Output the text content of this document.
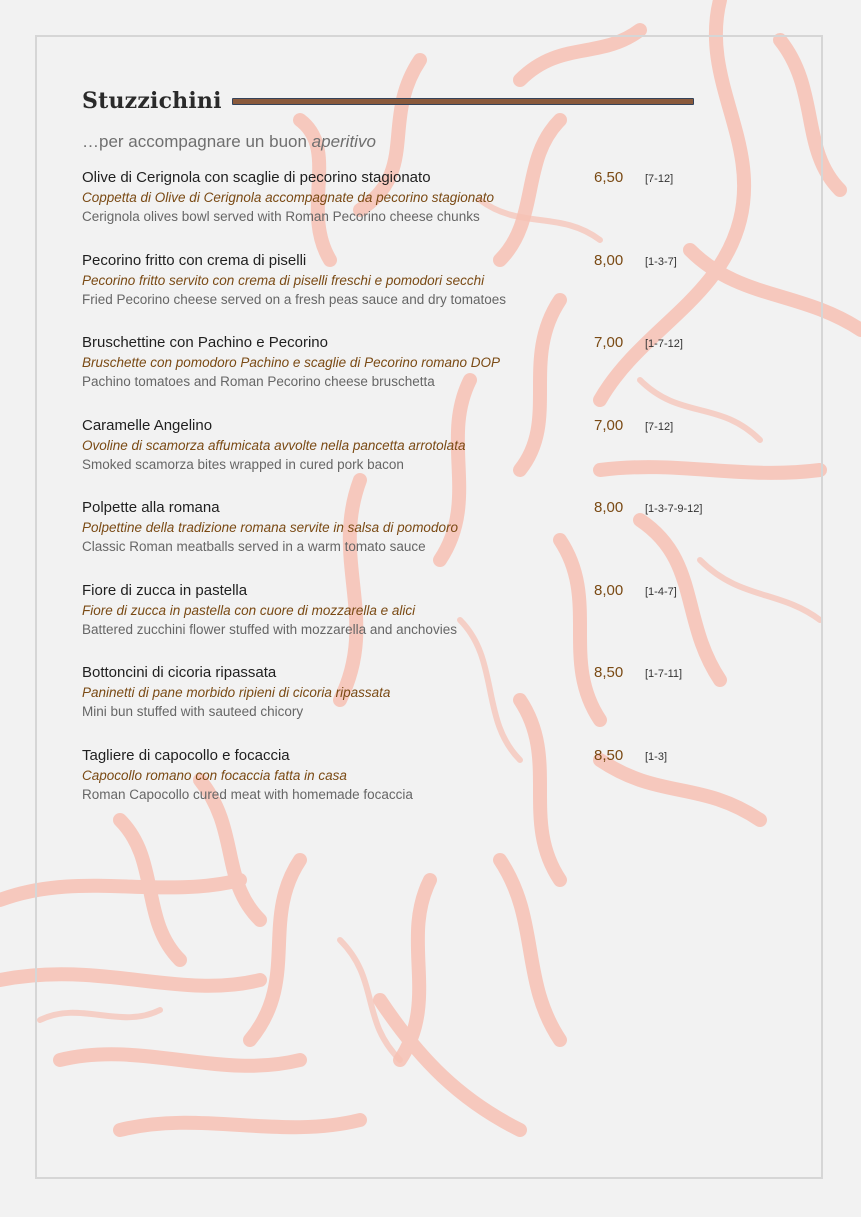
Stuzzichini
…per accompagnare un buon aperitivo
Olive di Cerignola con scaglie di pecorino stagionato
Coppetta di Olive di Cerignola accompagnate da pecorino stagionato
Cerignola olives bowl served with Roman Pecorino cheese chunks
6,50 [7-12]
Pecorino fritto con crema di piselli
Pecorino fritto servito con crema di piselli freschi e pomodori secchi
Fried Pecorino cheese served on a fresh peas sauce and dry tomatoes
8,00 [1-3-7]
Bruschettine con Pachino e Pecorino
Bruschette con pomodoro Pachino e scaglie di Pecorino romano DOP
Pachino tomatoes and Roman Pecorino cheese bruschetta
7,00 [1-7-12]
Caramelle Angelino
Ovoline di scamorza affumicata avvolte nella pancetta arrotolata
Smoked scamorza bites wrapped in cured pork bacon
7,00 [7-12]
Polpette alla romana
Polpettine della tradizione romana servite in salsa di pomodoro
Classic Roman meatballs served in a warm tomato sauce
8,00 [1-3-7-9-12]
Fiore di zucca in pastella
Fiore di zucca in pastella con cuore di mozzarella e alici
Battered zucchini flower stuffed with mozzarella and anchovies
8,00 [1-4-7]
Bottoncini di cicoria ripassata
Paninetti di pane morbido ripieni di cicoria ripassata
Mini bun stuffed with sauteed chicory
8,50 [1-7-11]
Tagliere di capocollo e focaccia
Capocollo romano con focaccia fatta in casa
Roman Capocollo cured meat with homemade focaccia
8,50 [1-3]
